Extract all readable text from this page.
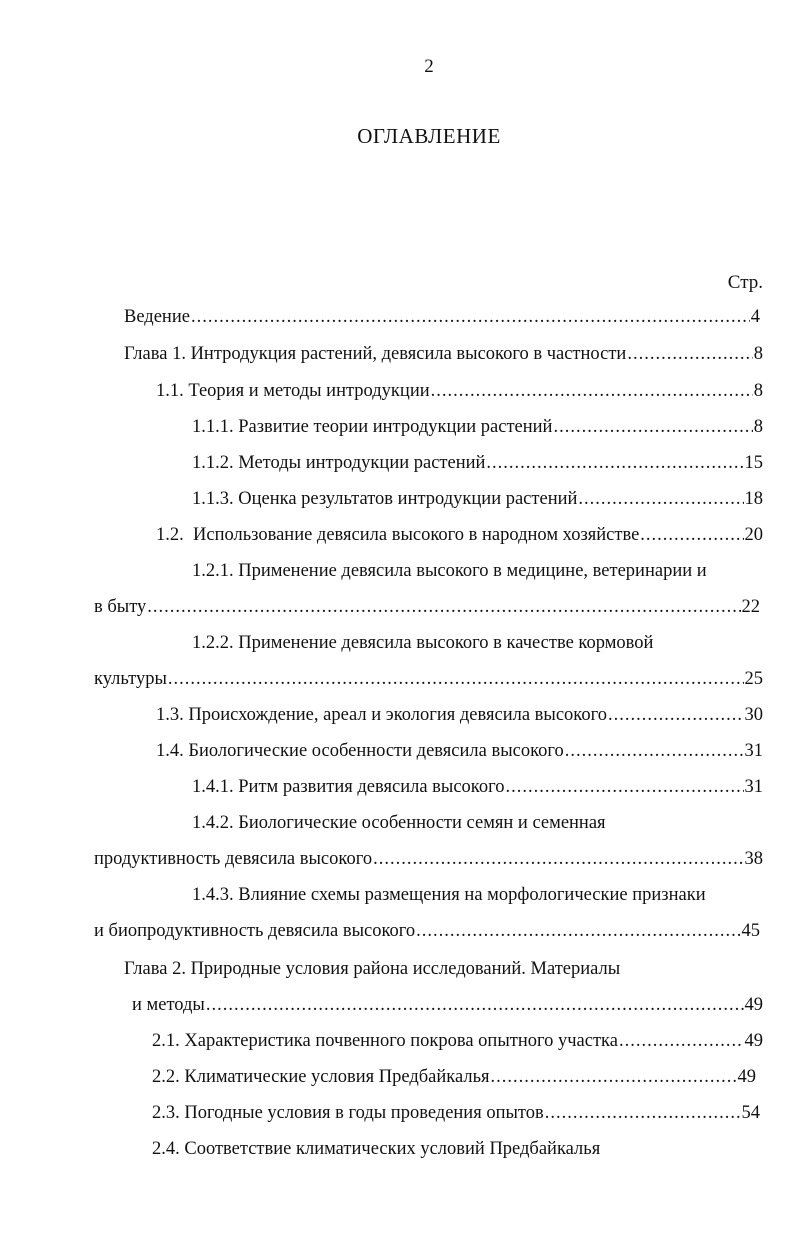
2
ОГЛАВЛЕНИЕ
Стр.
Ведение .....	4
Глава 1. Интродукция растений, девясила высокого в частности .....	8
1.1. Теория и методы интродукции .....	8
1.1.1. Развитие теории интродукции растений .....	8
1.1.2. Методы интродукции растений .....	15
1.1.3. Оценка результатов интродукции растений .....	18
1.2.  Использование девясила высокого в народном хозяйстве .....	20
1.2.1. Применение девясила высокого в медицине, ветеринарии и
в быту .....	22
1.2.2. Применение девясила высокого в качестве кормовой
культуры .....	25
1.3. Происхождение, ареал и экология девясила высокого .....	30
1.4. Биологические особенности девясила высокого .....	31
1.4.1. Ритм развития девясила высокого .....	31
1.4.2. Биологические особенности семян и семенная
продуктивность девясила высокого .....	38
1.4.3. Влияние схемы размещения на морфологические признаки
и биопродуктивность девясила высокого .....	45
Глава 2. Природные условия района исследований. Материалы
и методы .....	49
2.1. Характеристика почвенного покрова опытного участка .....	49
2.2. Климатические условия Предбайкалья .....	49
2.3. Погодные условия в годы проведения опытов .....	54
2.4. Соответствие климатических условий Предбайкалья
